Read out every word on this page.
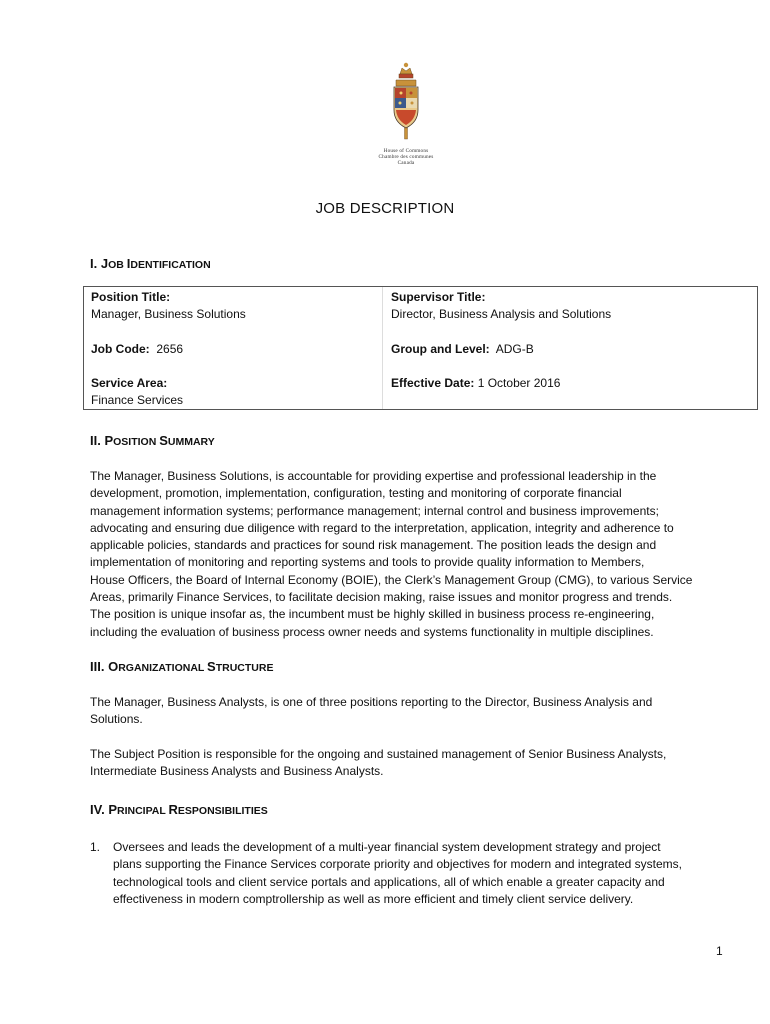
House of Commons
Chambre des communes
Canada
JOB DESCRIPTION
I. JOB IDENTIFICATION
Position Title:
Manager, Business Solutions
Supervisor Title:
Director, Business Analysis and Solutions
Job Code: 2656	Group and Level: ADG-B
Service Area:
Finance Services
Effective Date: 1 October 2016
II. POSITION SUMMARY
The Manager, Business Solutions, is accountable for providing expertise and professional leadership in the
development, promotion, implementation, configuration, testing and monitoring of corporate financial
management information systems; performance management; internal control and business improvements;
advocating and ensuring due diligence with regard to the interpretation, application, integrity and adherence to
applicable policies, standards and practices for sound risk management. The position leads the design and
implementation of monitoring and reporting systems and tools to provide quality information to Members,
House Officers, the Board of Internal Economy (BOIE), the Clerk’s Management Group (CMG), to various Service
Areas, primarily Finance Services, to facilitate decision making, raise issues and monitor progress and trends.
The position is unique insofar as, the incumbent must be highly skilled in business process re-engineering,
including the evaluation of business process owner needs and systems functionality in multiple disciplines.
III. ORGANIZATIONAL STRUCTURE
The Manager, Business Analysts, is one of three positions reporting to the Director, Business Analysis and
Solutions.
The Subject Position is responsible for the ongoing and sustained management of Senior Business Analysts,
Intermediate Business Analysts and Business Analysts.
IV. PRINCIPAL RESPONSIBILITIES
1. Oversees and leads the development of a multi-year financial system development strategy and project
plans supporting the Finance Services corporate priority and objectives for modern and integrated systems,
technological tools and client service portals and applications, all of which enable a greater capacity and
effectiveness in modern comptrollership as well as more efficient and timely client service delivery.
1
